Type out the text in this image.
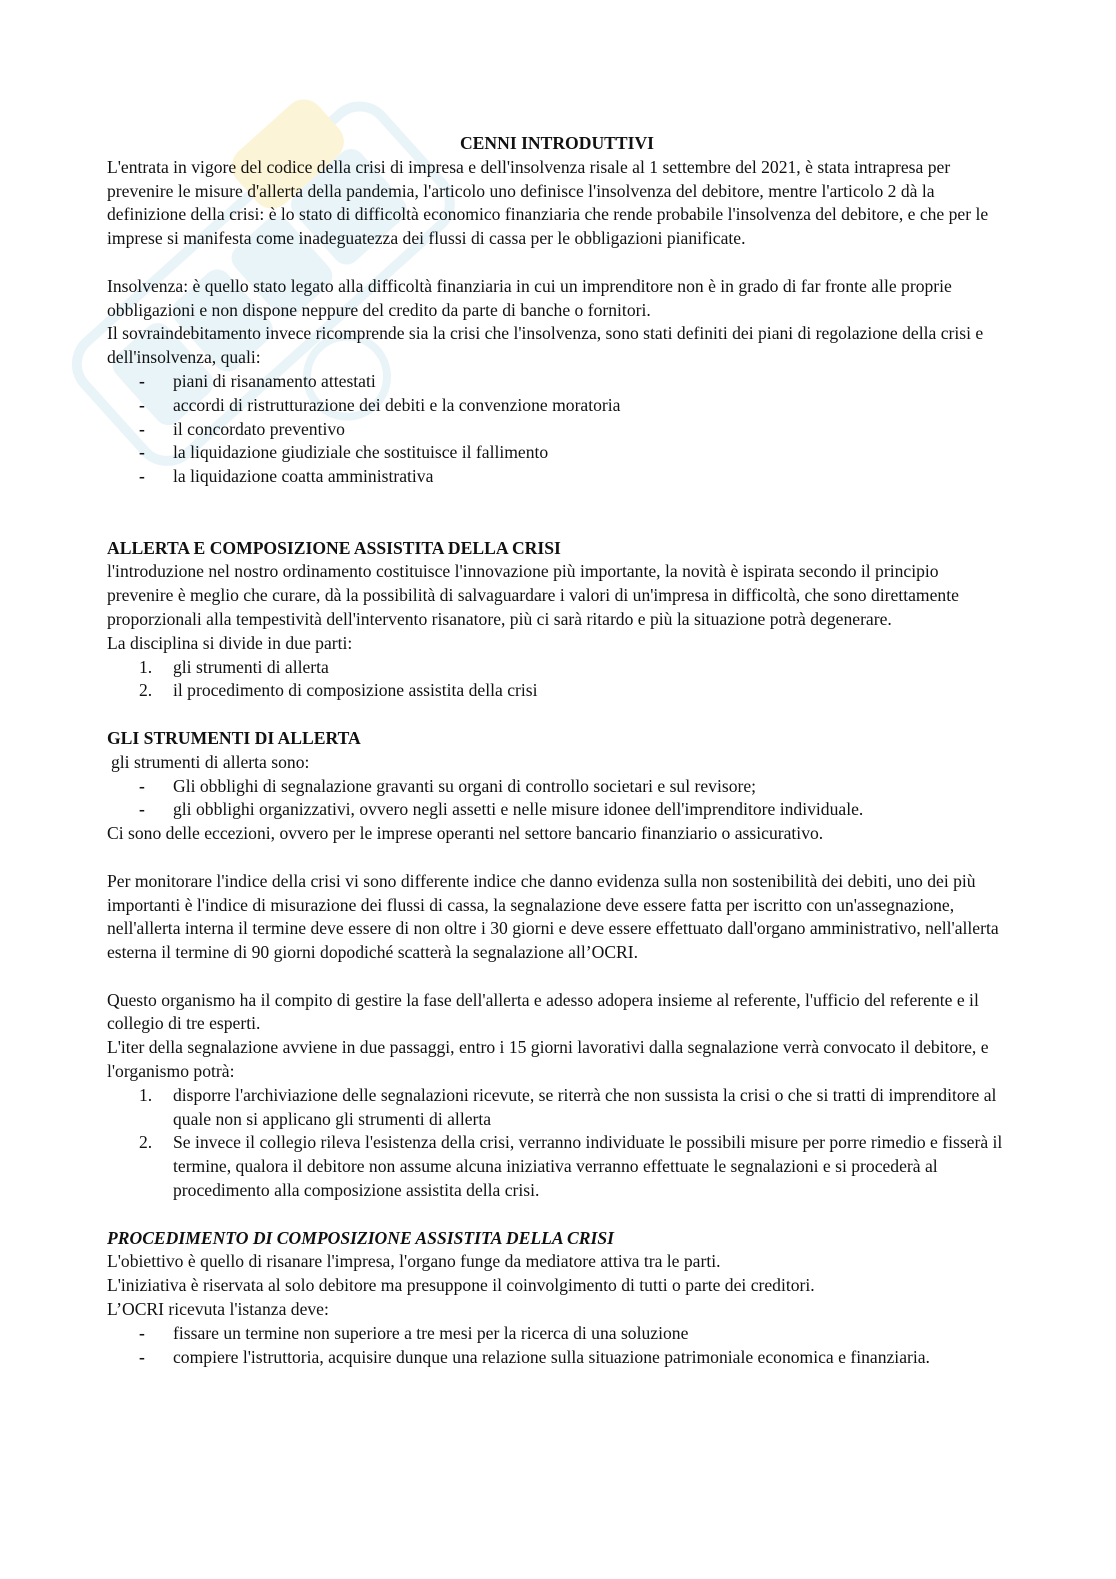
CENNI INTRODUTTIVI

L'entrata in vigore del codice della crisi di impresa e dell'insolvenza risale al 1 settembre del 2021, è stata intrapresa per prevenire le misure d'allerta della pandemia, l'articolo uno definisce l'insolvenza del debitore, mentre l'articolo 2 dà la definizione della crisi: è lo stato di difficoltà economico finanziaria che rende probabile l'insolvenza del debitore, e che per le imprese si manifesta come inadeguatezza dei flussi di cassa per le obbligazioni pianificate.

Insolvenza: è quello stato legato alla difficoltà finanziaria in cui un imprenditore non è in grado di far fronte alle proprie obbligazioni e non dispone neppure del credito da parte di banche o fornitori.

Il sovraindebitamento invece ricomprende sia la crisi che l'insolvenza, sono stati definiti dei piani di regolazione della crisi e dell'insolvenza, quali:

- piani di risanamento attestati
- accordi di ristrutturazione dei debiti e la convenzione moratoria
- il concordato preventivo
- la liquidazione giudiziale che sostituisce il fallimento
- la liquidazione coatta amministrativa
ALLERTA E COMPOSIZIONE ASSISTITA DELLA CRISI

l'introduzione nel nostro ordinamento costituisce l'innovazione più importante, la novità è ispirata secondo il principio prevenire è meglio che curare, dà la possibilità di salvaguardare i valori di un'impresa in difficoltà, che sono direttamente proporzionali alla tempestività dell'intervento risanatore, più ci sarà ritardo e più la situazione potrà degenerare.

La disciplina si divide in due parti:

1. gli strumenti di allerta
2. il procedimento di composizione assistita della crisi
GLI STRUMENTI DI ALLERTA

gli strumenti di allerta sono:

- Gli obblighi di segnalazione gravanti su organi di controllo societari e sul revisore;
- gli obblighi organizzativi, ovvero negli assetti e nelle misure idonee dell'imprenditore individuale.

Ci sono delle eccezioni, ovvero per le imprese operanti nel settore bancario finanziario o assicurativo.

Per monitorare l'indice della crisi vi sono differente indice che danno evidenza sulla non sostenibilità dei debiti, uno dei più importanti è l'indice di misurazione dei flussi di cassa, la segnalazione deve essere fatta per iscritto con un'assegnazione, nell'allerta interna il termine deve essere di non oltre i 30 giorni e deve essere effettuato dall'organo amministrativo, nell'allerta esterna il termine di 90 giorni dopodiché scatterà la segnalazione all’OCRI.

Questo organismo ha il compito di gestire la fase dell'allerta e adesso adopera insieme al referente, l'ufficio del referente e il collegio di tre esperti.

L'iter della segnalazione avviene in due passaggi, entro i 15 giorni lavorativi dalla segnalazione verrà convocato il debitore, e l'organismo potrà:

1. disporre l'archiviazione delle segnalazioni ricevute, se riterrà che non sussista la crisi o che si tratti di imprenditore al quale non si applicano gli strumenti di allerta
2. Se invece il collegio rileva l'esistenza della crisi, verranno individuate le possibili misure per porre rimedio e fisserà il termine, qualora il debitore non assume alcuna iniziativa verranno effettuate le segnalazioni e si procederà al procedimento alla composizione assistita della crisi.
PROCEDIMENTO DI COMPOSIZIONE ASSISTITA DELLA CRISI

L'obiettivo è quello di risanare l'impresa, l'organo funge da mediatore attiva tra le parti.

L'iniziativa è riservata al solo debitore ma presuppone il coinvolgimento di tutti o parte dei creditori.

L’OCRI ricevuta l'istanza deve:

- fissare un termine non superiore a tre mesi per la ricerca di una soluzione
- compiere l'istruttoria, acquisire dunque una relazione sulla situazione patrimoniale economica e finanziaria.
